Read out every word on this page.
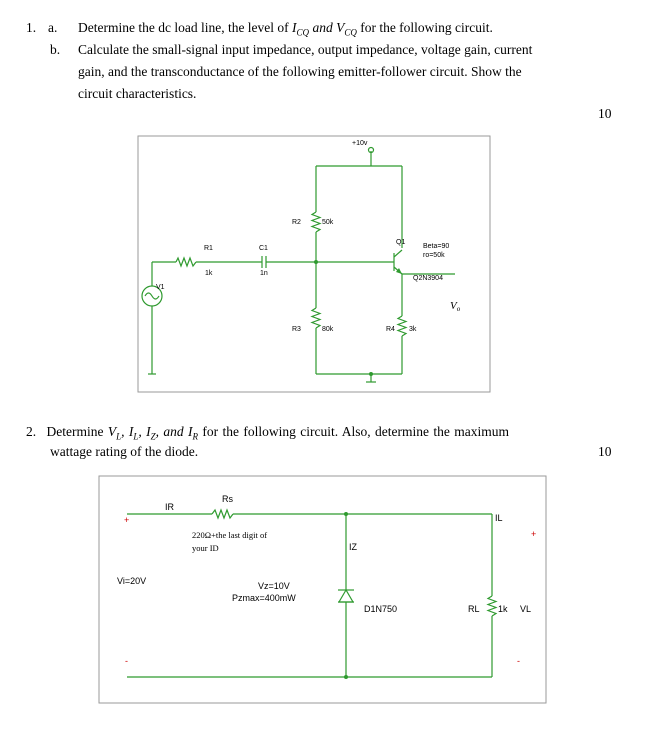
1. a. Determine the dc load line, the level of $I_{CQ}$ and $V_{CQ}$ for the following circuit.
b. Calculate the small-signal input impedance, output impedance, voltage gain, current
gain, and the transconductance of the following emitter-follower circuit. Show the
circuit characteristics.
10
+10v
R2	50k
R1
1k
C1
1n
Q1
Beta=90
ro=50k
Q2N3904
V1
R3	80k	R4 3k
Vo
2. Determine $V_L$, $I_L$, $I_Z$, and $I_R$ for the following circuit. Also, determine the maximum
wattage rating of the diode.	10
+
IR
Rs
IZ
IL
+
Vi=20V	Vz=10V
Pzmax=400mW
D1N750	RL 1k VL
-	-
220Ω+the last digit of
your ID
